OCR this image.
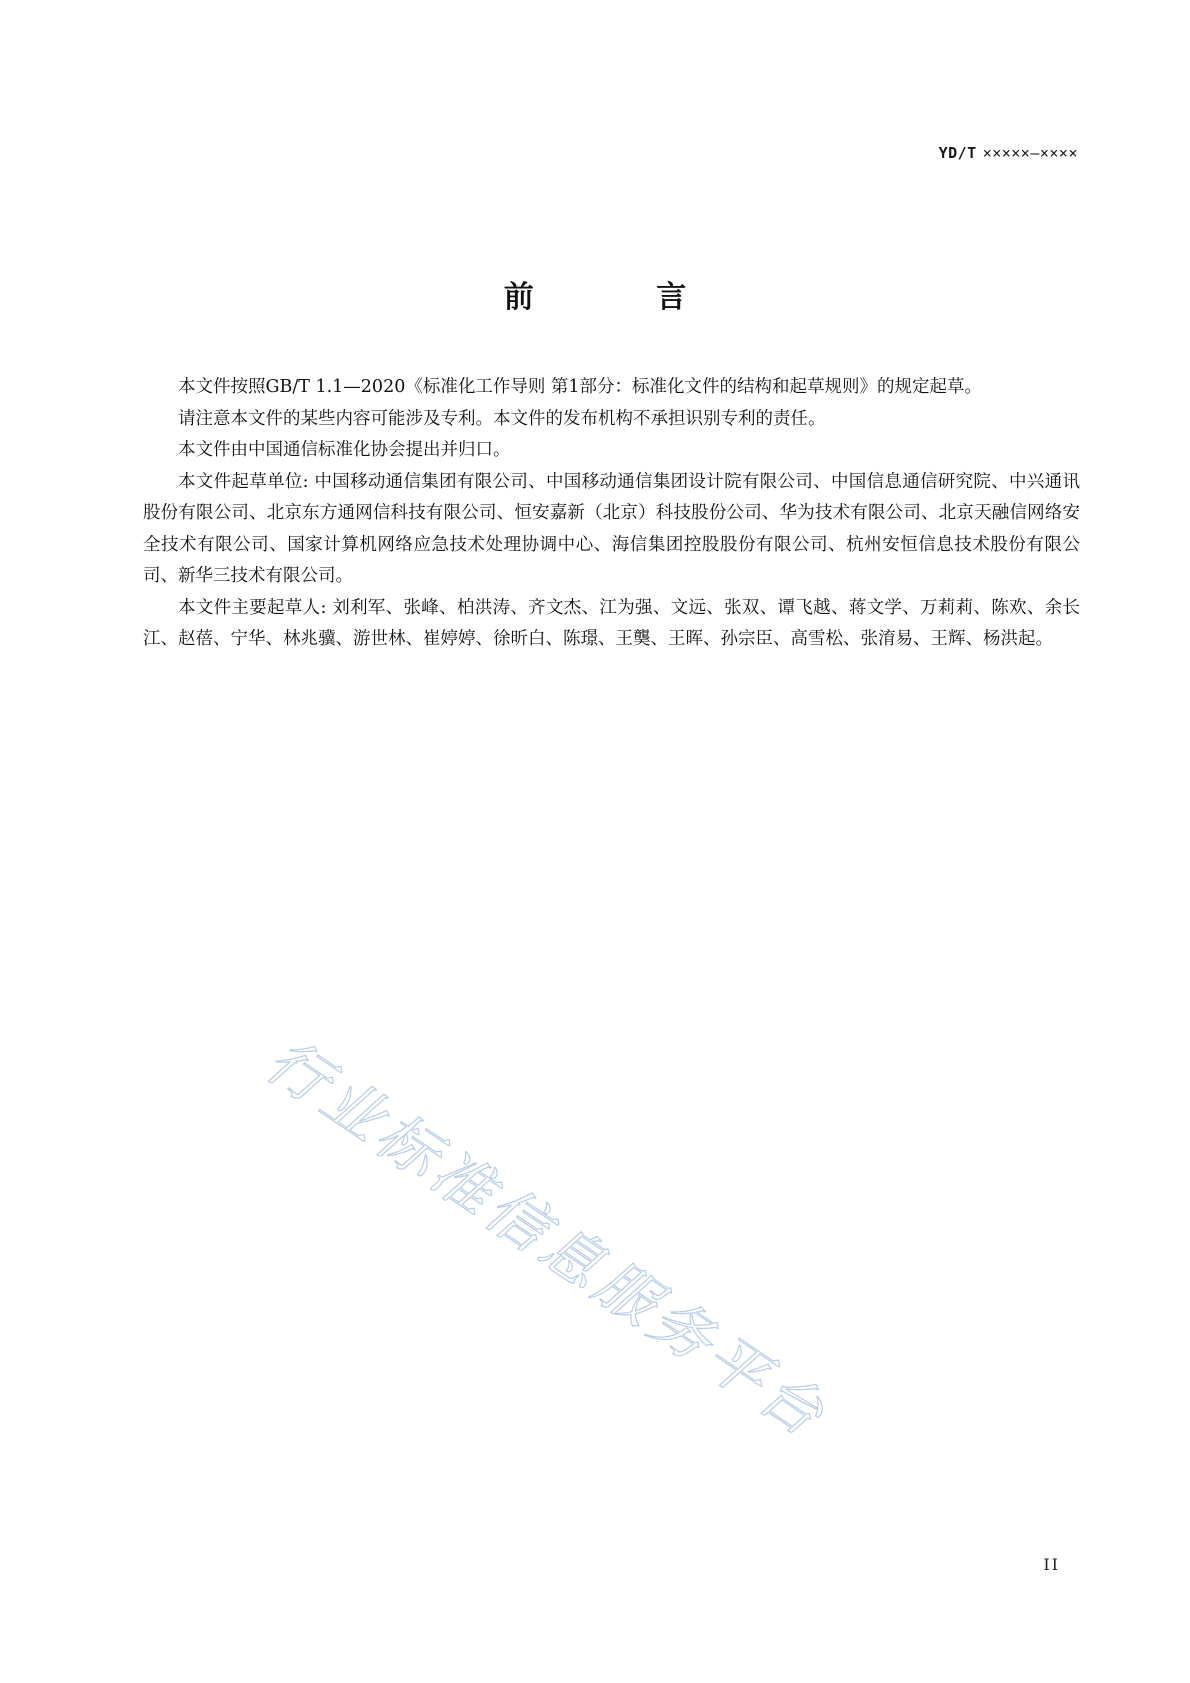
YD/T ×××××—××××
前 言

本文件按照GB/T 1.1—2020《标准化工作导则 第1部分：标准化文件的结构和起草规则》的规定起草。

请注意本文件的某些内容可能涉及专利。本文件的发布机构不承担识别专利的责任。

本文件由中国通信标准化协会提出并归口。

本文件起草单位: 中国移动通信集团有限公司、中国移动通信集团设计院有限公司、中国信息通信研究院、中兴通讯股份有限公司、北京东方通网信科技有限公司、恒安嘉新（北京）科技股份公司、华为技术有限公司、北京天融信网络安全技术有限公司、国家计算机网络应急技术处理协调中心、海信集团控股股份有限公司、杭州安恒信息技术股份有限公司、新华三技术有限公司。

本文件主要起草人: 刘利军、张峰、柏洪涛、齐文杰、江为强、文远、张双、谭飞越、蒋文学、万莉莉、陈欢、余长江、赵蓓、宁华、林兆骥、游世林、崔婷婷、徐昕白、陈璟、王龑、王晖、孙宗臣、高雪松、张淯易、王辉、杨洪起。

行业标准信息服务平台
II
